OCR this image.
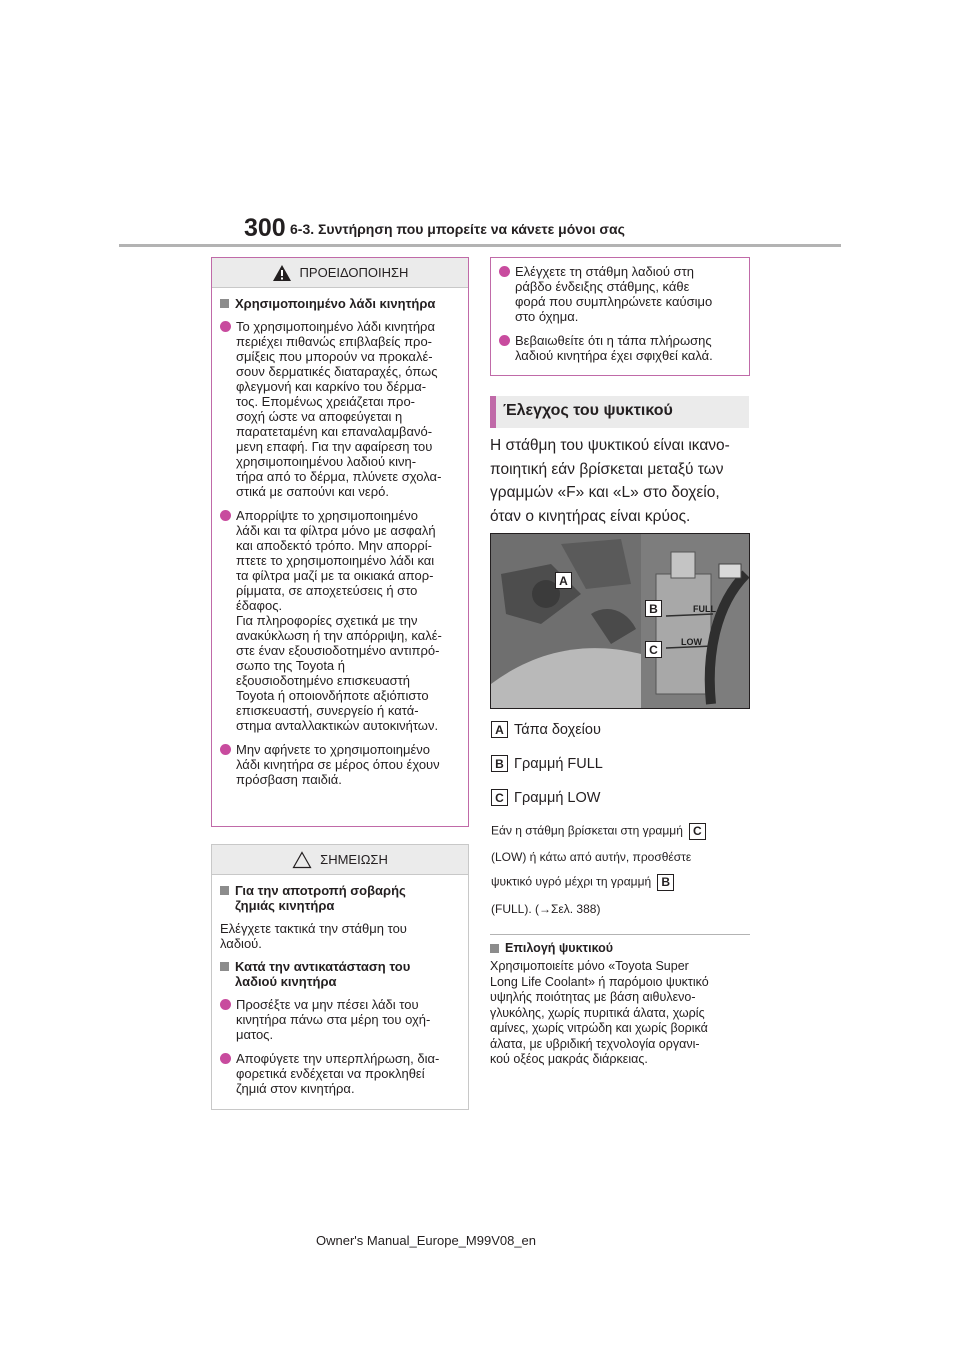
300 6-3. Συντήρηση που μπορείτε να κάνετε μόνοι σας
ΠΡΟΕΙΔΟΠΟΙΗΣΗ
Χρησιμοποιημένο λάδι κινητήρα
Το χρησιμοποιημένο λάδι κινητήρα
περιέχει πιθανώς επιβλαβείς προ-
σμίξεις που μπορούν να προκαλέ-
σουν δερματικές διαταραχές, όπως
φλεγμονή και καρκίνο του δέρμα-
τος. Επομένως χρειάζεται προ-
σοχή ώστε να αποφεύγεται η
παρατεταμένη και επαναλαμβανό-
μενη επαφή. Για την αφαίρεση του
χρησιμοποιημένου λαδιού κινη-
τήρα από το δέρμα, πλύνετε σχολα-
στικά με σαπούνι και νερό.
Απορρίψτε το χρησιμοποιημένο
λάδι και τα φίλτρα μόνο με ασφαλή
και αποδεκτό τρόπο. Μην απορρί-
πτετε το χρησιμοποιημένο λάδι και
τα φίλτρα μαζί με τα οικιακά απορ-
ρίμματα, σε αποχετεύσεις ή στο
έδαφος.
Για πληροφορίες σχετικά με την
ανακύκλωση ή την απόρριψη, καλέ-
στε έναν εξουσιοδοτημένο αντιπρό-
σωπο της Toyota ή
εξουσιοδοτημένο επισκευαστή
Toyota ή οποιονδήποτε αξιόπιστο
επισκευαστή, συνεργείο ή κατά-
στημα ανταλλακτικών αυτοκινήτων.
Μην αφήνετε το χρησιμοποιημένο
λάδι κινητήρα σε μέρος όπου έχουν
πρόσβαση παιδιά.
ΣΗΜΕΙΩΣΗ
Για την αποτροπή σοβαρής
ζημιάς κινητήρα
Ελέγχετε τακτικά την στάθμη του
λαδιού.
Κατά την αντικατάσταση του
λαδιού κινητήρα
Προσέξτε να μην πέσει λάδι του
κινητήρα πάνω στα μέρη του οχή-
ματος.
Αποφύγετε την υπερπλήρωση, δια-
φορετικά ενδέχεται να προκληθεί
ζημιά στον κινητήρα.
Ελέγχετε τη στάθμη λαδιού στη
ράβδο ένδειξης στάθμης, κάθε
φορά που συμπληρώνετε καύσιμο
στο όχημα.
Βεβαιωθείτε ότι η τάπα πλήρωσης
λαδιού κινητήρα έχει σφιχθεί καλά.
Έλεγχος του ψυκτικού
Η στάθμη του ψυκτικού είναι ικανο-
ποιητική εάν βρίσκεται μεταξύ των
γραμμών «F» και «L» στο δοχείο,
όταν ο κινητήρας είναι κρύος.
A
B
C
FULL
LOW
A Τάπα δοχείου
B Γραμμή FULL
C Γραμμή LOW
Εάν η στάθμη βρίσκεται στη γραμμή C
(LOW) ή κάτω από αυτήν, προσθέστε
ψυκτικό υγρό μέχρι τη γραμμή B
(FULL). (→Σελ. 388)
Επιλογή ψυκτικού
Χρησιμοποιείτε μόνο «Toyota Super
Long Life Coolant» ή παρόμοιο ψυκτικό
υψηλής ποιότητας με βάση αιθυλενο-
γλυκόλης, χωρίς πυριτικά άλατα, χωρίς
αμίνες, χωρίς νιτρώδη και χωρίς βορικά
άλατα, με υβριδική τεχνολογία οργανι-
κού οξέος μακράς διάρκειας.
Owner's Manual_Europe_M99V08_en
